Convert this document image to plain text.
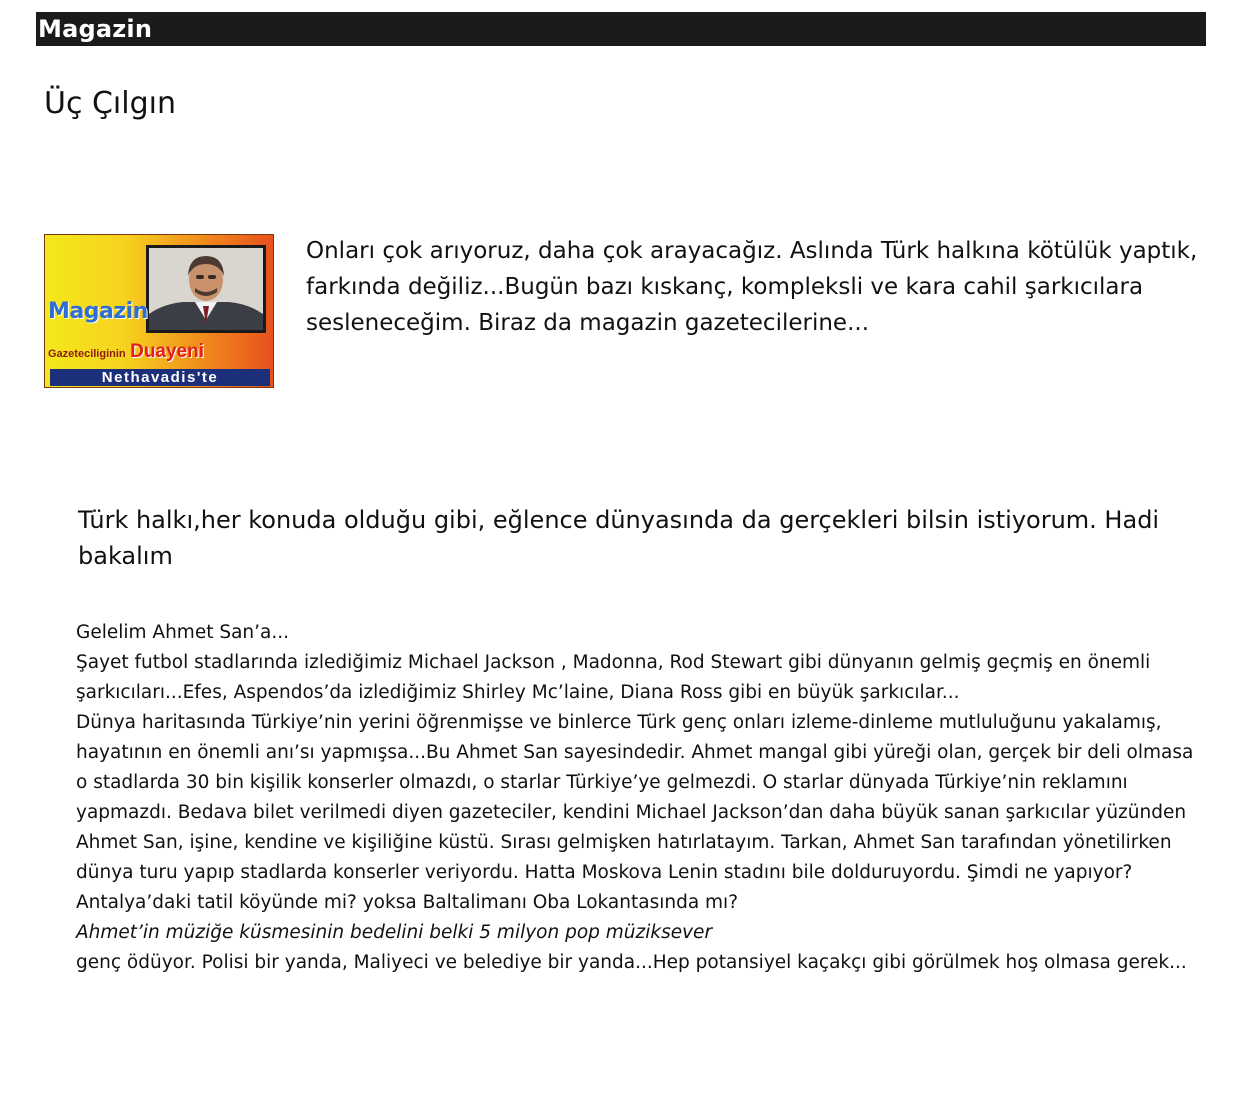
Magazin
Üç Çılgın
Magazin
Gazeteciliginin Duayeni
Nethavadis'te

Onları çok arıyoruz, daha çok arayacağız. Aslında Türk halkına kötülük yaptık, farkında değiliz...Bugün bazı kıskanç, kompleksli ve kara cahil şarkıcılara sesleneceğim. Biraz da magazin gazetecilerine...

Türk halkı,her konuda olduğu gibi, eğlence dünyasında da gerçekleri bilsin istiyorum. Hadi bakalım

Gelelim Ahmet San’a...

Şayet futbol stadlarında izlediğimiz Michael Jackson , Madonna, Rod Stewart gibi dünyanın gelmiş geçmiş en önemli şarkıcıları...Efes, Aspendos’da izlediğimiz Shirley Mc’laine, Diana Ross gibi en büyük şarkıcılar...

Dünya haritasında Türkiye’nin yerini öğrenmişse ve binlerce Türk genç onları izleme-dinleme mutluluğunu yakalamış, hayatının en önemli anı’sı yapmışsa...Bu Ahmet San sayesindedir. Ahmet mangal gibi yüreği olan, gerçek bir deli olmasa o stadlarda 30 bin kişilik konserler olmazdı, o starlar Türkiye’ye gelmezdi. O starlar dünyada Türkiye’nin reklamını yapmazdı. Bedava bilet verilmedi diyen gazeteciler, kendini Michael Jackson’dan daha büyük sanan şarkıcılar yüzünden Ahmet San, işine, kendine ve kişiliğine küstü. Sırası gelmişken hatırlatayım. Tarkan, Ahmet San tarafından yönetilirken dünya turu yapıp stadlarda konserler veriyordu. Hatta Moskova Lenin stadını bile dolduruyordu. Şimdi ne yapıyor? Antalya’daki tatil köyünde mi? yoksa Baltalimanı Oba Lokantasında mı?

Ahmet’in müziğe küsmesinin bedelini belki 5 milyon pop müziksever

genç ödüyor. Polisi bir yanda, Maliyeci ve belediye bir yanda...Hep potansiyel kaçakçı gibi görülmek hoş olmasa gerek...
